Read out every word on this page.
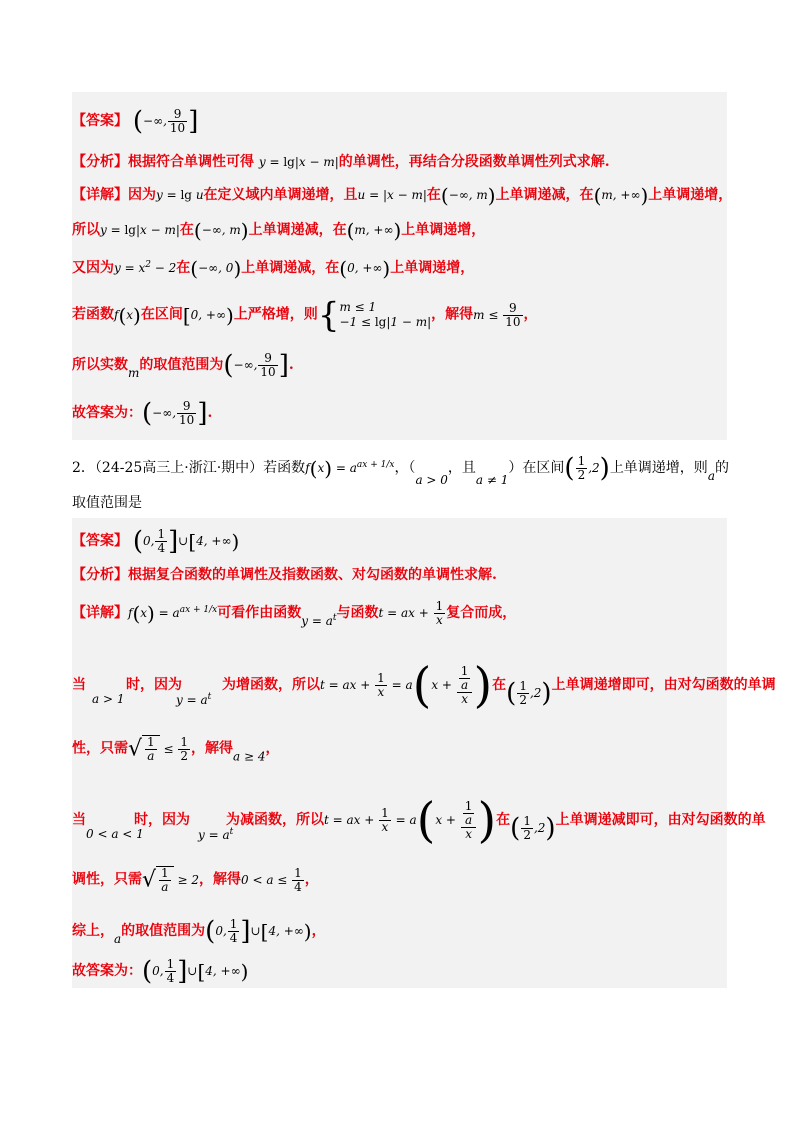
【答案】 (−∞, $\frac{9}{10}$ ]
【分析】根据符合单调性可得 y = lg|x − m|的单调性，再结合分段函数单调性列式求解.
【详解】因为y = lg u在定义域内单调递增，且u = |x − m|在(−∞, m)上单调递减，在(m, +∞)上单调递增，
所以y = lg|x − m|在(−∞, m)上单调递减，在(m, +∞)上单调递增，
又因为$y = x^2 - 2$在(−∞, 0)上单调递减，在(0, +∞)上单调递增，
若函数f(x)在区间[0, +∞)上严格增，则{ m ≤ 1
−1 ≤ lg|1 − m| ，解得$m \le \frac{9}{10}$ ，
所以实数m的取值范围为(−∞, $\frac{9}{10}$ ].
故答案为：(−∞, $\frac{9}{10}$ ].
2．（24-25高三上·浙江·期中）若函数$f(x) = a^{ax + 1/x}$，（a > 0，且a ≠ 1）在区间( $\frac{1}{2} ,2$)上单调递增，则a的
取值范围是
【答案】 (0, $\frac{1}{4}$ ]∪[4, +∞)
【分析】根据复合函数的单调性及指数函数、对勾函数的单调性求解.
【详解】$f(x) = a^{ax + 1/x}$可看作由函数$y = a^t$与函数t = ax + $\frac{1}{x}$ 复合而成，
当	时，因为	为增函数，所以t = ax + $\frac{1}{x} = a(x + \frac{\frac{1}{a}}{x}$ )在( $\frac{1}{2} ,2$)上单调递增即可，由对勾函数的单调
a > 1	$y = a^t$
性，只需√ $\frac{1}{a} \le \frac{1}{2}$ ，解得a ≥ 4，
当	时，因为	为减函数，所以t = ax + $\frac{1}{x} = a(x + \frac{\frac{1}{a}}{x}$ )在( $\frac{1}{2} ,2$)上单调递减即可，由对勾函数的单
0 < a < 1	$y = a^t$
调性，只需√ $\frac{1}{a} \ge 2$，解得$0 < a \le \frac{1}{4}$ ，
综上，a的取值范围为(0, $\frac{1}{4}$ ]∪[4, +∞)，
故答案为：(0, $\frac{1}{4}$ ]∪[4, +∞)
